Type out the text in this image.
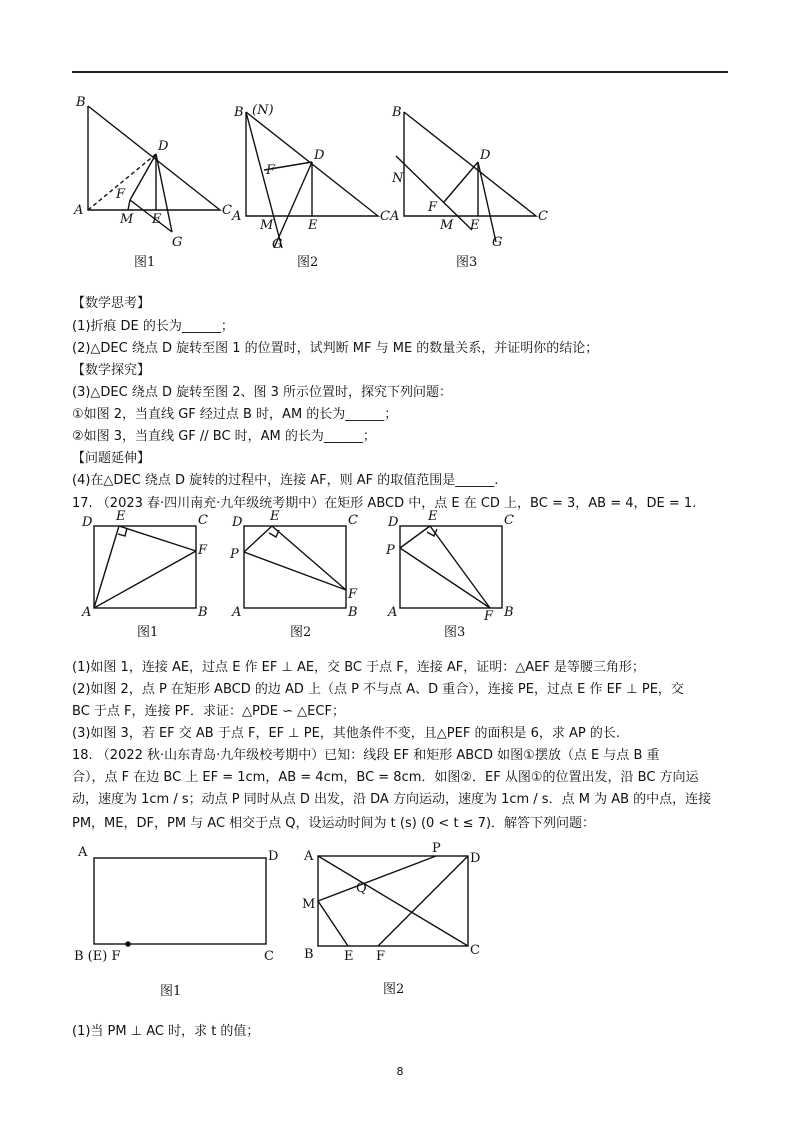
B
D
A	C
F
M E
G
B (N)
D
A	C
F
M	E
G
B
D
N
A	C
F
M E
G
图1	图2	图3
【数学思考】
(1)折痕 DE 的长为______；
(2)△DEC 绕点 D 旋转至图 1 的位置时，试判断 MF 与 ME 的数量关系，并证明你的结论；
【数学探究】
(3)△DEC 绕点 D 旋转至图 2、图 3 所示位置时，探究下列问题：
①如图 2，当直线 GF 经过点 B 时，AM 的长为______；
②如图 3，当直线 GF // BC 时，AM 的长为______；
【问题延伸】
(4)在△DEC 绕点 D 旋转的过程中，连接 AF，则 AF 的取值范围是______.
17. （2023 春·四川南充·九年级统考期中）在矩形 ABCD 中，点 E 在 CD 上，BC = 3，AB = 4，DE = 1.
D E	C
F
A	B
D E	C
P
F
A	B
D E	C
P
A	F B
图1	图2	图3
(1)如图 1，连接 AE，过点 E 作 EF ⊥ AE，交 BC 于点 F，连接 AF，证明：△AEF 是等腰三角形；
(2)如图 2，点 P 在矩形 ABCD 的边 AD 上（点 P 不与点 A、D 重合），连接 PE，过点 E 作 EF ⊥ PE，交
BC 于点 F，连接 PF．求证：△PDE ∽ △ECF；
(3)如图 3，若 EF 交 AB 于点 F，EF ⊥ PE，其他条件不变，且△PEF 的面积是 6，求 AP 的长.
18. （2022 秋·山东青岛·九年级校考期中）已知：线段 EF 和矩形 ABCD 如图①摆放（点 E 与点 B 重
合），点 F 在边 BC 上 EF = 1cm，AB = 4cm，BC = 8cm．如图②．EF 从图①的位置出发，沿 BC 方向运
动，速度为 1cm / s；动点 P 同时从点 D 出发，沿 DA 方向运动，速度为 1cm / s．点 M 为 AB 的中点，连接
PM，ME，DF，PM 与 AC 相交于点 Q，设运动时间为 t (s) (0 < t ≤ 7)．解答下列问题：
A	D
B (E) F	C
A
P
D
M
Q
B E F	C
图1	图2
(1)当 PM ⊥ AC 时，求 t 的值；
8
